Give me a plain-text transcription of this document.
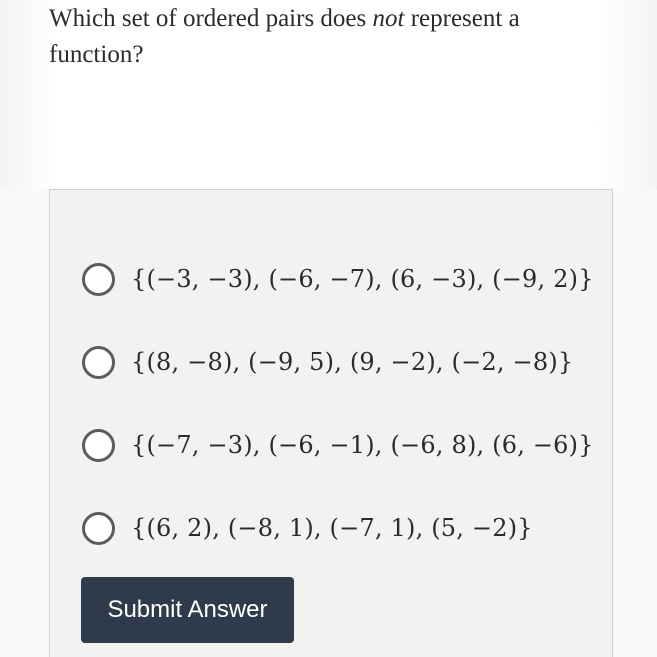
Which set of ordered pairs does not represent a function?

{(−3, −3), (−6, −7), (6, −3), (−9, 2)}
{(8, −8), (−9, 5), (9, −2), (−2, −8)}
{(−7, −3), (−6, −1), (−6, 8), (6, −6)}
{(6, 2), (−8, 1), (−7, 1), (5, −2)}
Submit Answer
